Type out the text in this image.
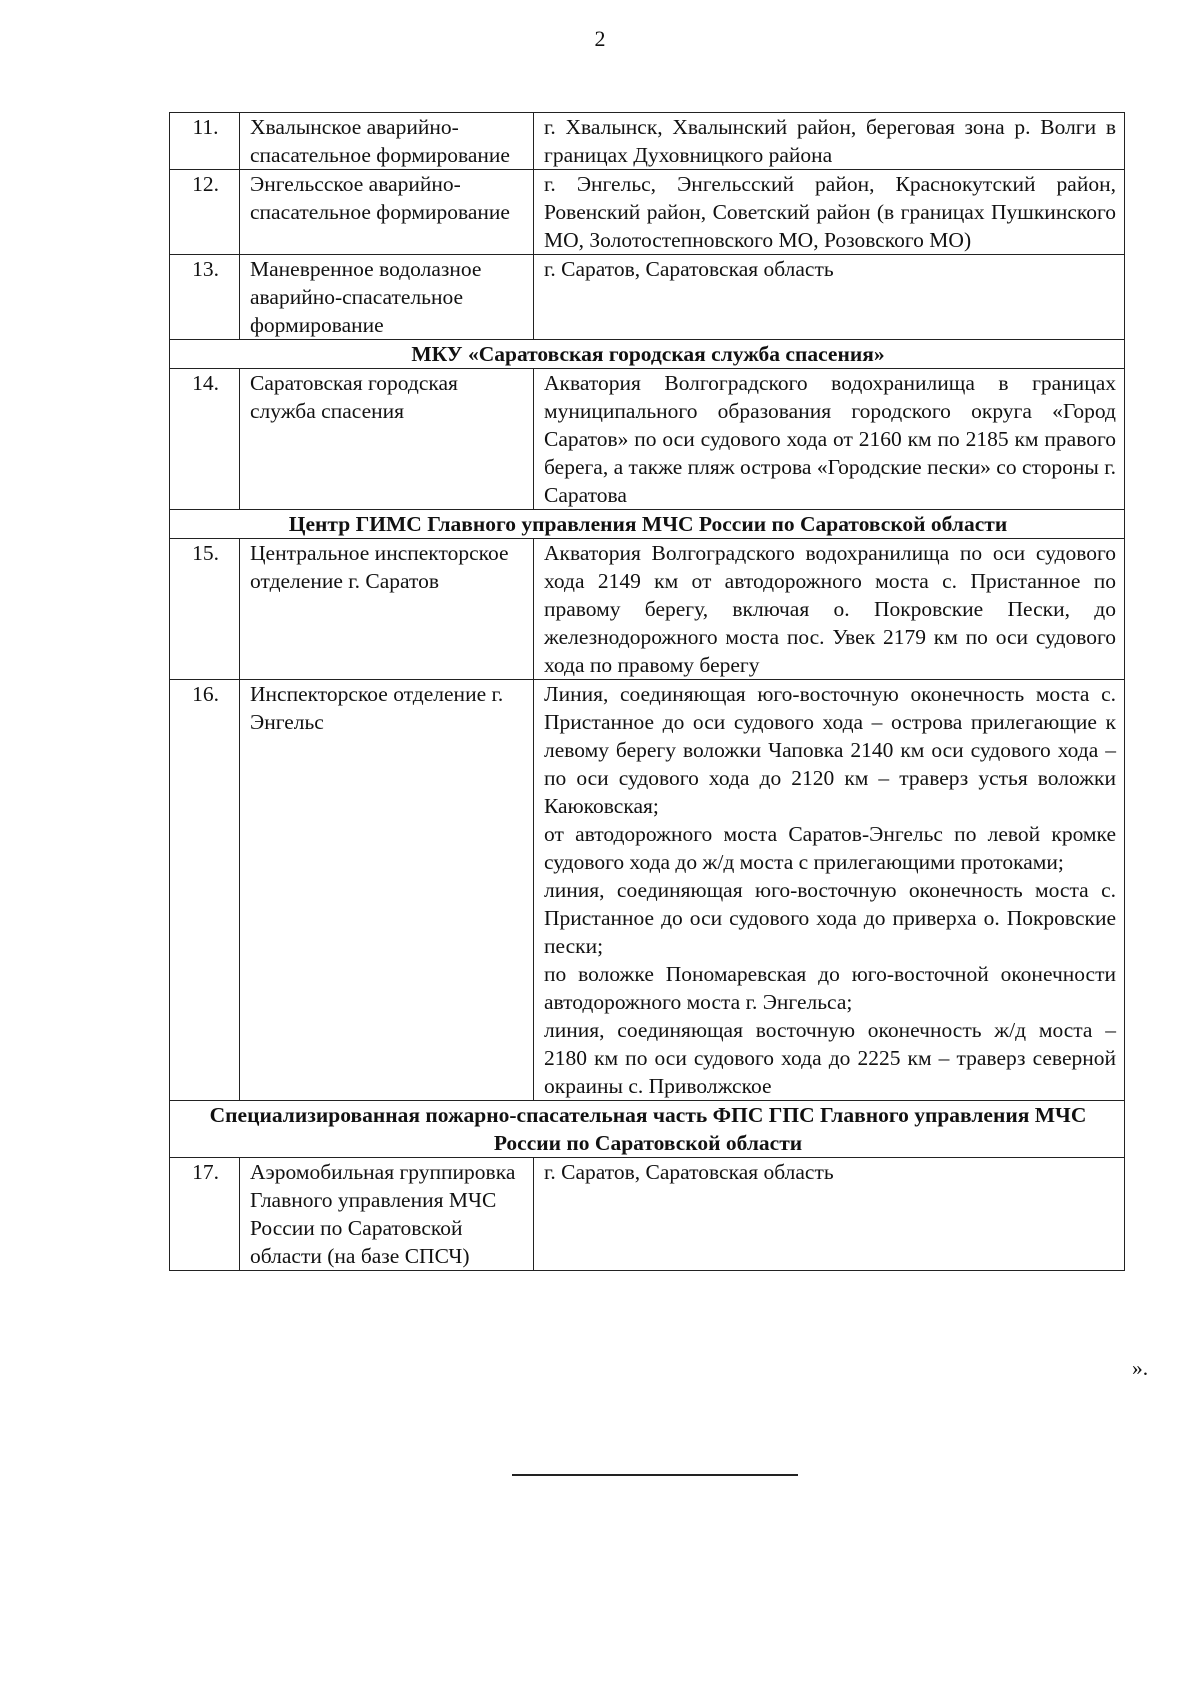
2
11.	Хвалынское аварийно-спасательное формирование	г. Хвалынск, Хвалынский район, береговая зона р. Волги в границах Духовницкого района

12.	Энгельсское аварийно-спасательное формирование	г. Энгельс, Энгельсский район, Краснокутский район, Ровенский район, Советский район (в границах Пушкинского МО, Золотостепновского МО, Розовского МО)

13.	Маневренное водолазное аварийно-спасательное формирование	г. Саратов, Саратовская область

МКУ «Саратовская городская служба спасения»		
14.	Саратовская городская служба спасения	Акватория Волгоградского водохранилища в границах муниципального образования городского округа «Город Саратов» по оси судового хода от 2160 км по 2185 км правого берега, а также пляж острова «Городские пески» со стороны г. Саратова

Центр ГИМС Главного управления МЧС России по Саратовской области		
15.	Центральное инспекторское отделение г. Саратов	Акватория Волгоградского водохранилища по оси судового хода 2149 км от автодорожного моста с. Пристанное по правому берегу, включая о. Покровские Пески, до железнодорожного моста пос. Увек 2179 км по оси судового хода по правому берегу

16.	Инспекторское отделение г. Энгельс	Линия, соединяющая юго-восточную оконечность моста с. Пристанное до оси судового хода – острова прилегающие к левому берегу воложки Чаповка 2140 км оси судового хода – по оси судового хода до 2120 км – траверз устья воложки Каюковская;
от автодорожного моста Саратов-Энгельс по левой кромке судового хода до ж/д моста с прилегающими протоками;
линия, соединяющая юго-восточную оконечность моста с. Пристанное до оси судового хода до приверха о. Покровские пески;
по воложке Пономаревская до юго-восточной оконечности автодорожного моста г. Энгельса;
линия, соединяющая восточную оконечность ж/д моста – 2180 км по оси судового хода до 2225 км – траверз северной окраины с. Приволжское

Специализированная пожарно-спасательная часть ФПС ГПС Главного управления МЧС России по Саратовской области		
17.	Аэромобильная группировка Главного управления МЧС России по Саратовской области (на базе СПСЧ)	г. Саратов, Саратовская область
».
